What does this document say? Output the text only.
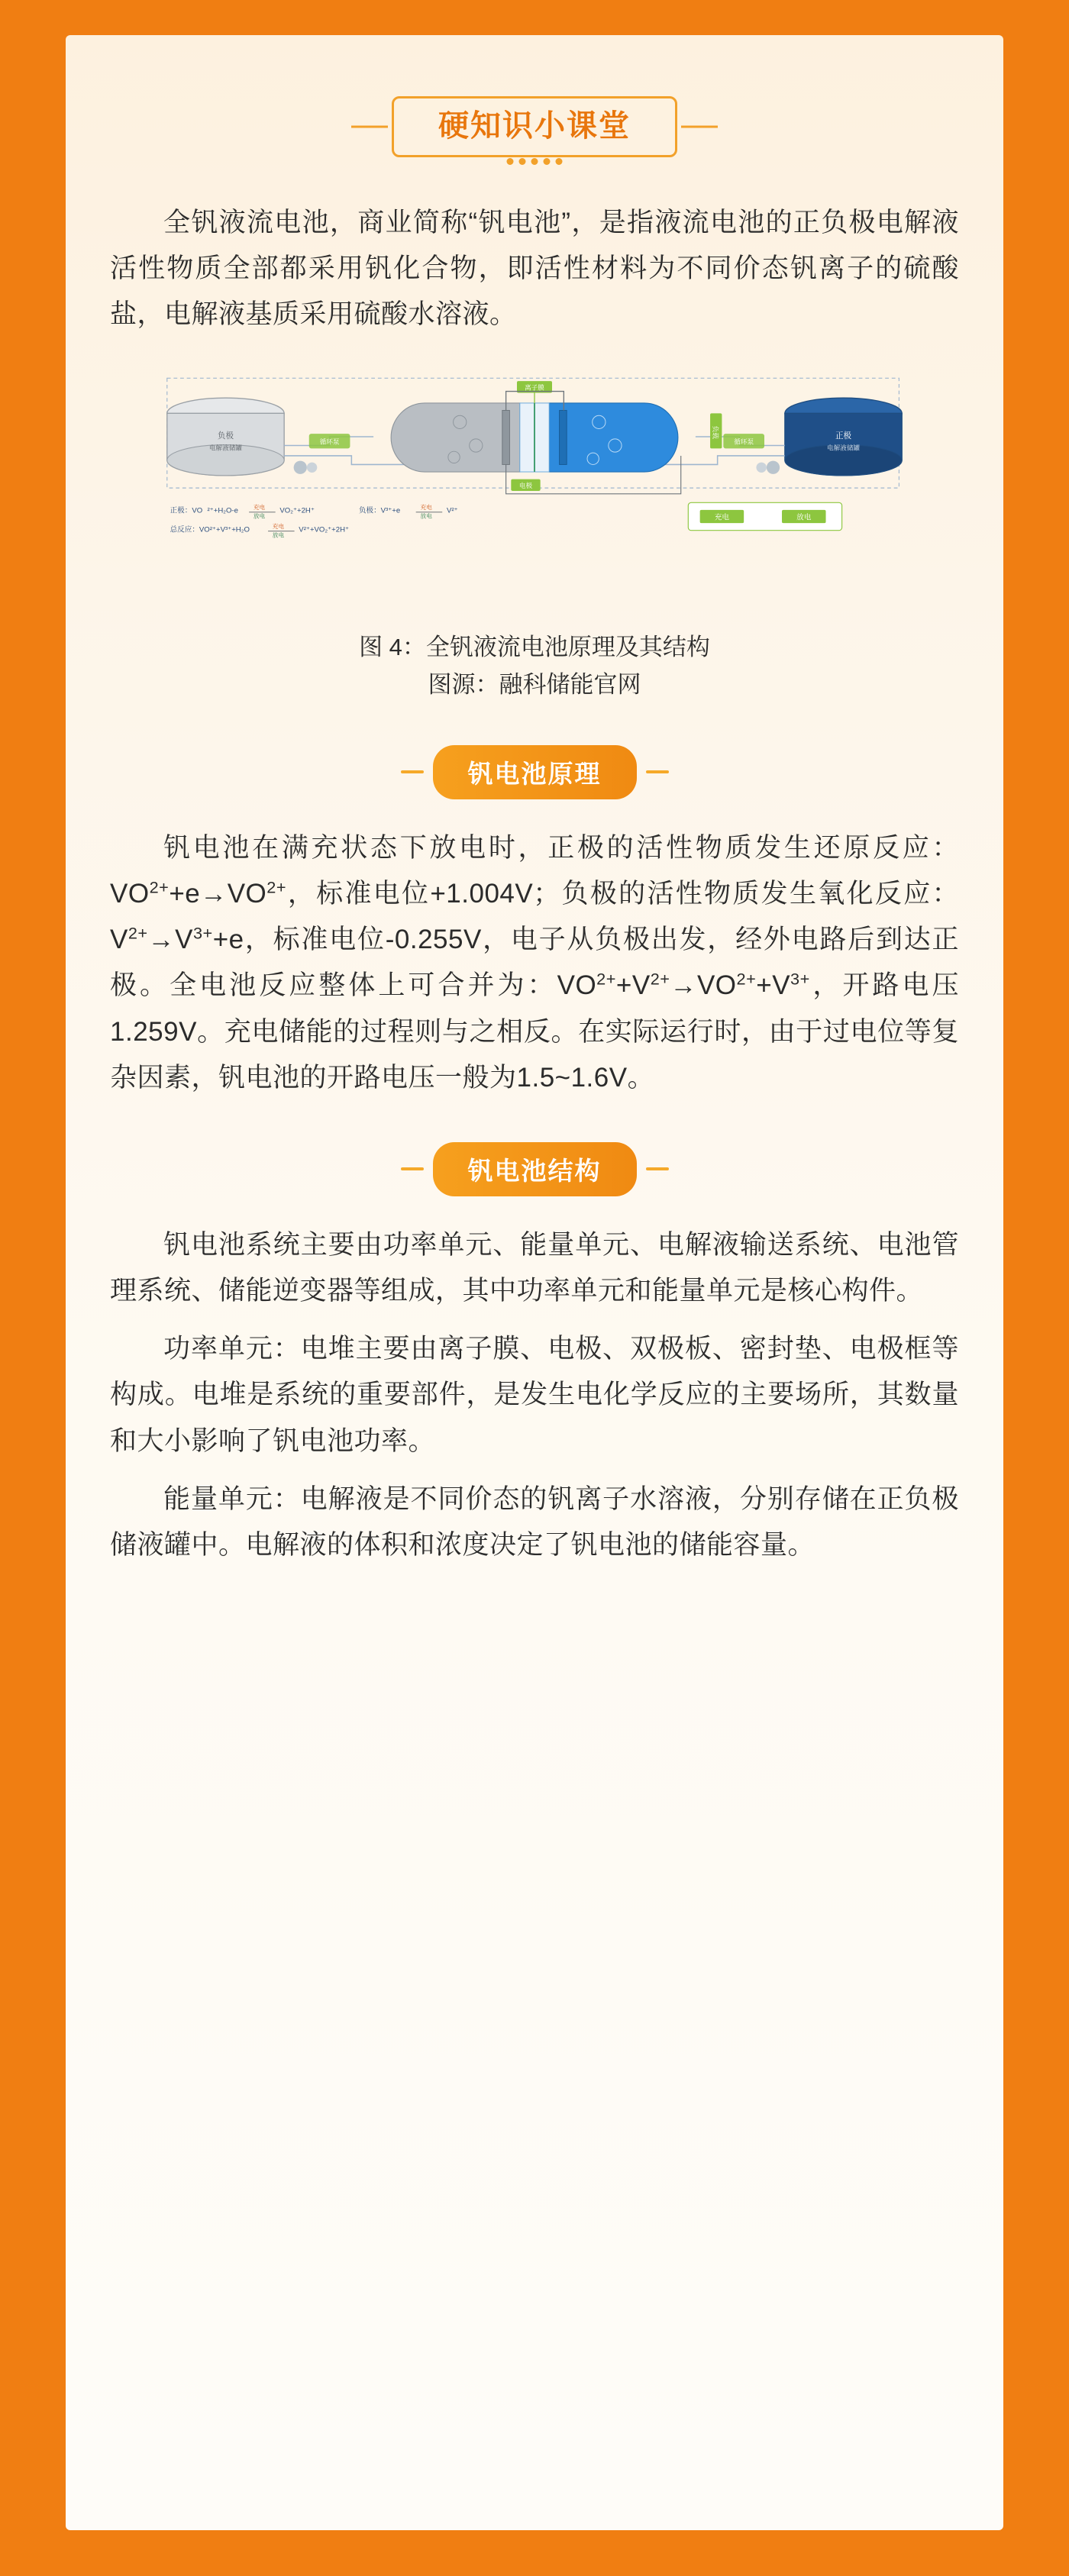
硬知识小课堂

全钒液流电池，商业简称“钒电池”，是指液流电池的正负极电解液活性物质全部都采用钒化合物，即活性材料为不同价态钒离子的硫酸盐，电解液基质采用硫酸水溶液。

负极
电解液储罐
正极
电解液储罐
循环泵	循环泵
离子膜
电极
负载
正极：VO ²⁺+H₂O-e 充电
放电
VO₂⁺+2H⁺	负极：V³⁺+e	充电
放电
V²⁺
总反应：VO²⁺+V³⁺+H₂O	充电
放电
V²⁺+VO₂⁺+2H⁺
充电	放电
图 4：全钒液流电池原理及其结构
图源：融科储能官网
钒电池原理

钒电池在满充状态下放电时，正极的活性物质发生还原反应：$VO^{2+}+e\to VO^{2+}$，标准电位+1.004V；负极的活性物质发生氧化反应：$V^{2+}\to V^{3+}+e$，标准电位-0.255V，电子从负极出发，经外电路后到达正极。全电池反应整体上可合并为：$VO^{2+}+V^{2+}\to VO^{2+}+V^{3+}$，开路电压1.259V。充电储能的过程则与之相反。在实际运行时，由于过电位等复杂因素，钒电池的开路电压一般为1.5~1.6V。

钒电池结构

钒电池系统主要由功率单元、能量单元、电解液输送系统、电池管理系统、储能逆变器等组成，其中功率单元和能量单元是核心构件。

功率单元：电堆主要由离子膜、电极、双极板、密封垫、电极框等构成。电堆是系统的重要部件，是发生电化学反应的主要场所，其数量和大小影响了钒电池功率。

能量单元：电解液是不同价态的钒离子水溶液，分别存储在正负极储液罐中。电解液的体积和浓度决定了钒电池的储能容量。
